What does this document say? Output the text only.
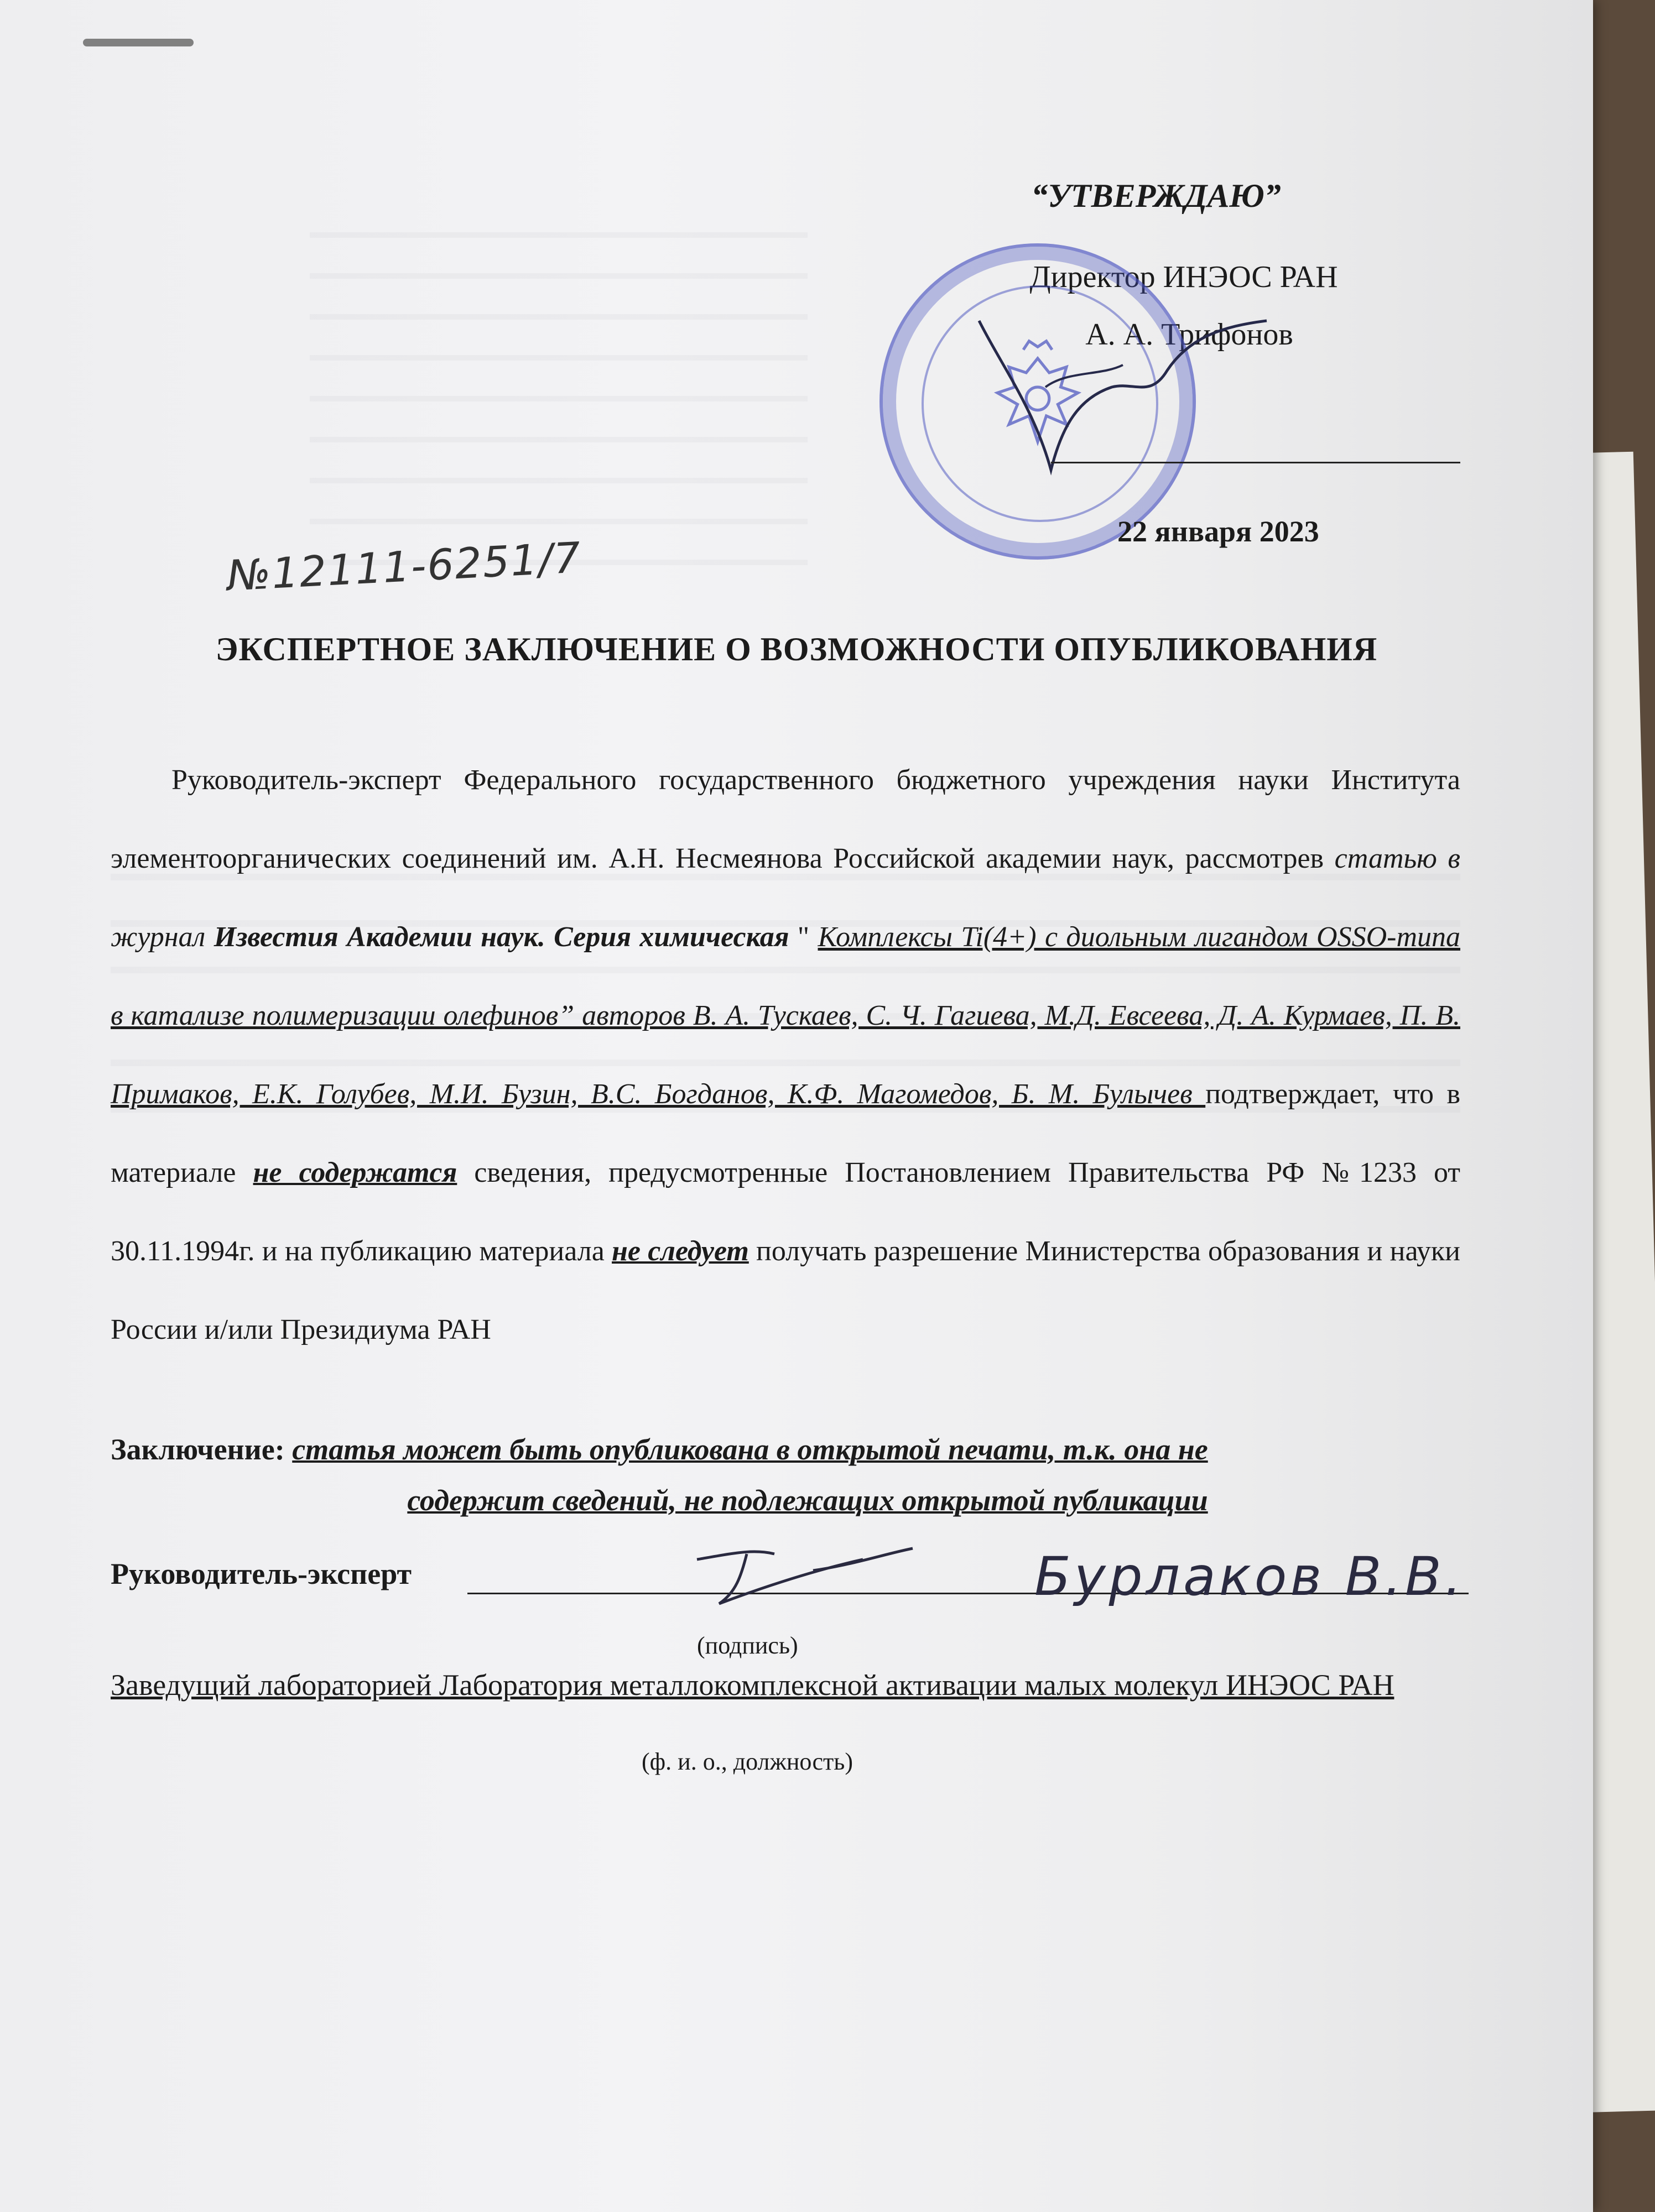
“УТВЕРЖДАЮ”
Директор ИНЭОС РАН
А. А. Трифонов
22 января 2023
№12111-6251/7
ЭКСПЕРТНОЕ ЗАКЛЮЧЕНИЕ О ВОЗМОЖНОСТИ ОПУБЛИКОВАНИЯ
Руководитель-эксперт Федерального государственного бюджетного учреждения науки Института элементоорганических соединений им. А.Н. Несмеянова Российской академии наук, рассмотрев статью в журнал Известия Академии наук. Серия химическая " Комплексы Ti(4+) с диольным лигандом OSSO-типа в катализе полимеризации олефинов” авторов В. А. Тускаев, С. Ч. Гагиева, М.Д. Евсеева, Д. А. Курмаев, П. В. Примаков, Е.К. Голубев, М.И. Бузин, В.С. Богданов, К.Ф. Магомедов, Б. М. Булычев подтверждает, что в материале не содержатся сведения, предусмотренные Постановлением Правительства РФ №1233 от 30.11.1994г. и на публикацию материала не следует получать разрешение Министерства образования и науки России и/или Президиума РАН
Заключение: статья может быть опубликована в открытой печати, т.к. она не
содержит сведений, не подлежащих открытой публикации
Руководитель-эксперт	Бурлаков В.В.
(подпись)
Заведущий лабораторией Лаборатория металлокомплексной активации малых молекул ИНЭОС РАН
(ф. и. о., должность)
